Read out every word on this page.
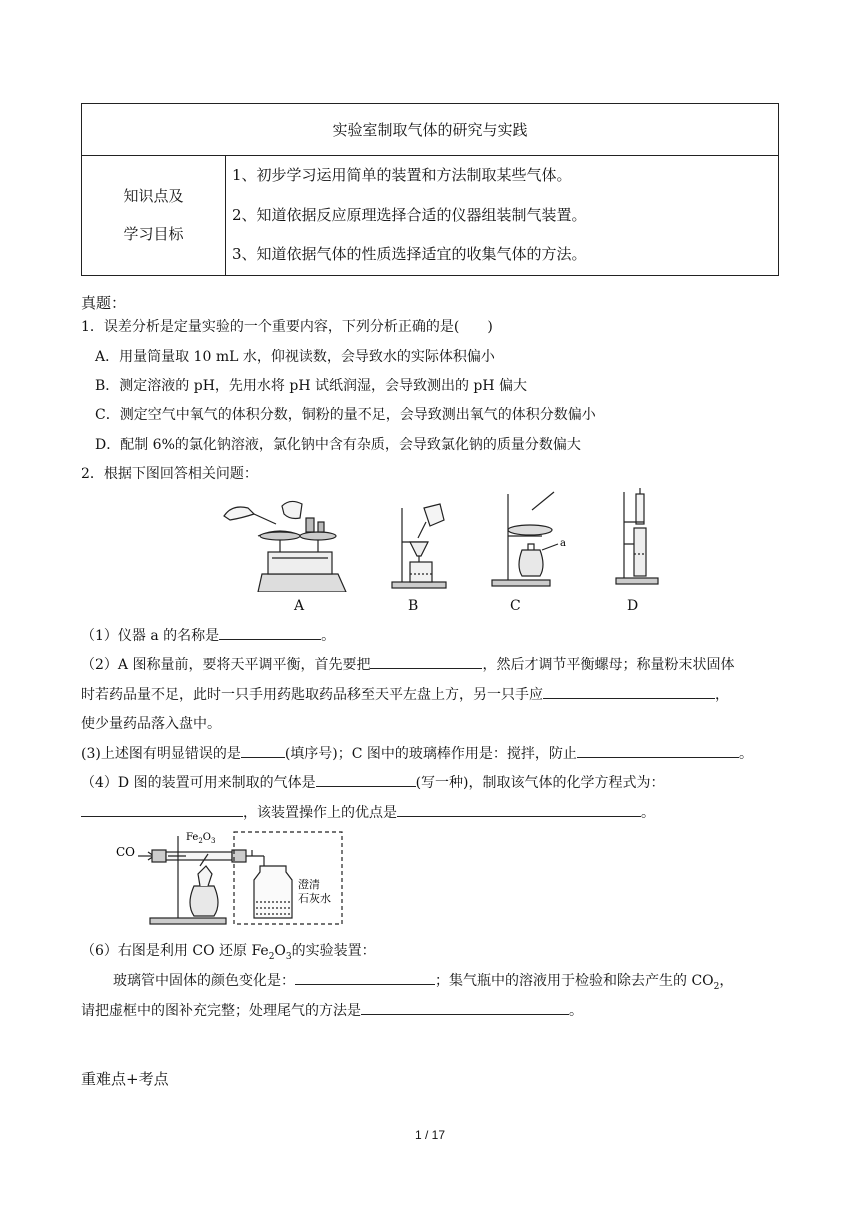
实验室制取气体的研究与实践

知识点及
学习目标

1、初步学习运用简单的装置和方法制取某些气体。
2、知道依据反应原理选择合适的仪器组装制气装置。
3、知道依据气体的性质选择适宜的收集气体的方法。
真题：
1．误差分析是定量实验的一个重要内容，下列分析正确的是(　　)
A．用量筒量取 10 mL 水，仰视读数，会导致水的实际体积偏小
B．测定溶液的 pH，先用水将 pH 试纸润湿，会导致测出的 pH 偏大
C．测定空气中氧气的体积分数，铜粉的量不足，会导致测出氧气的体积分数偏小
D．配制 6%的氯化钠溶液，氯化钠中含有杂质，会导致氯化钠的质量分数偏大
2．根据下图回答相关问题：
A	B
a
C	D
（1）仪器 a 的名称是	。
（2）A 图称量前，要将天平调平衡，首先要把	，然后才调节平衡螺母；称量粉末状固体
时若药品量不足，此时一只手用药匙取药品移至天平左盘上方，另一只手应	，
使少量药品落入盘中。
(3)上述图有明显错误的是	(填序号)；C 图中的玻璃棒作用是：搅拌，防止	。
（4）D 图的装置可用来制取的气体是	(写一种)，制取该气体的化学方程式为：
，该装置操作上的优点是	。
CO
$Fe_2O_3$
澄清
石灰水
（6）右图是利用 CO 还原 $Fe_2O_3$的实验装置：
玻璃管中固体的颜色变化是：	；集气瓶中的溶液用于检验和除去产生的 $CO_2$，
请把虚框中的图补充完整；处理尾气的方法是	。
重难点+考点
1 / 17
